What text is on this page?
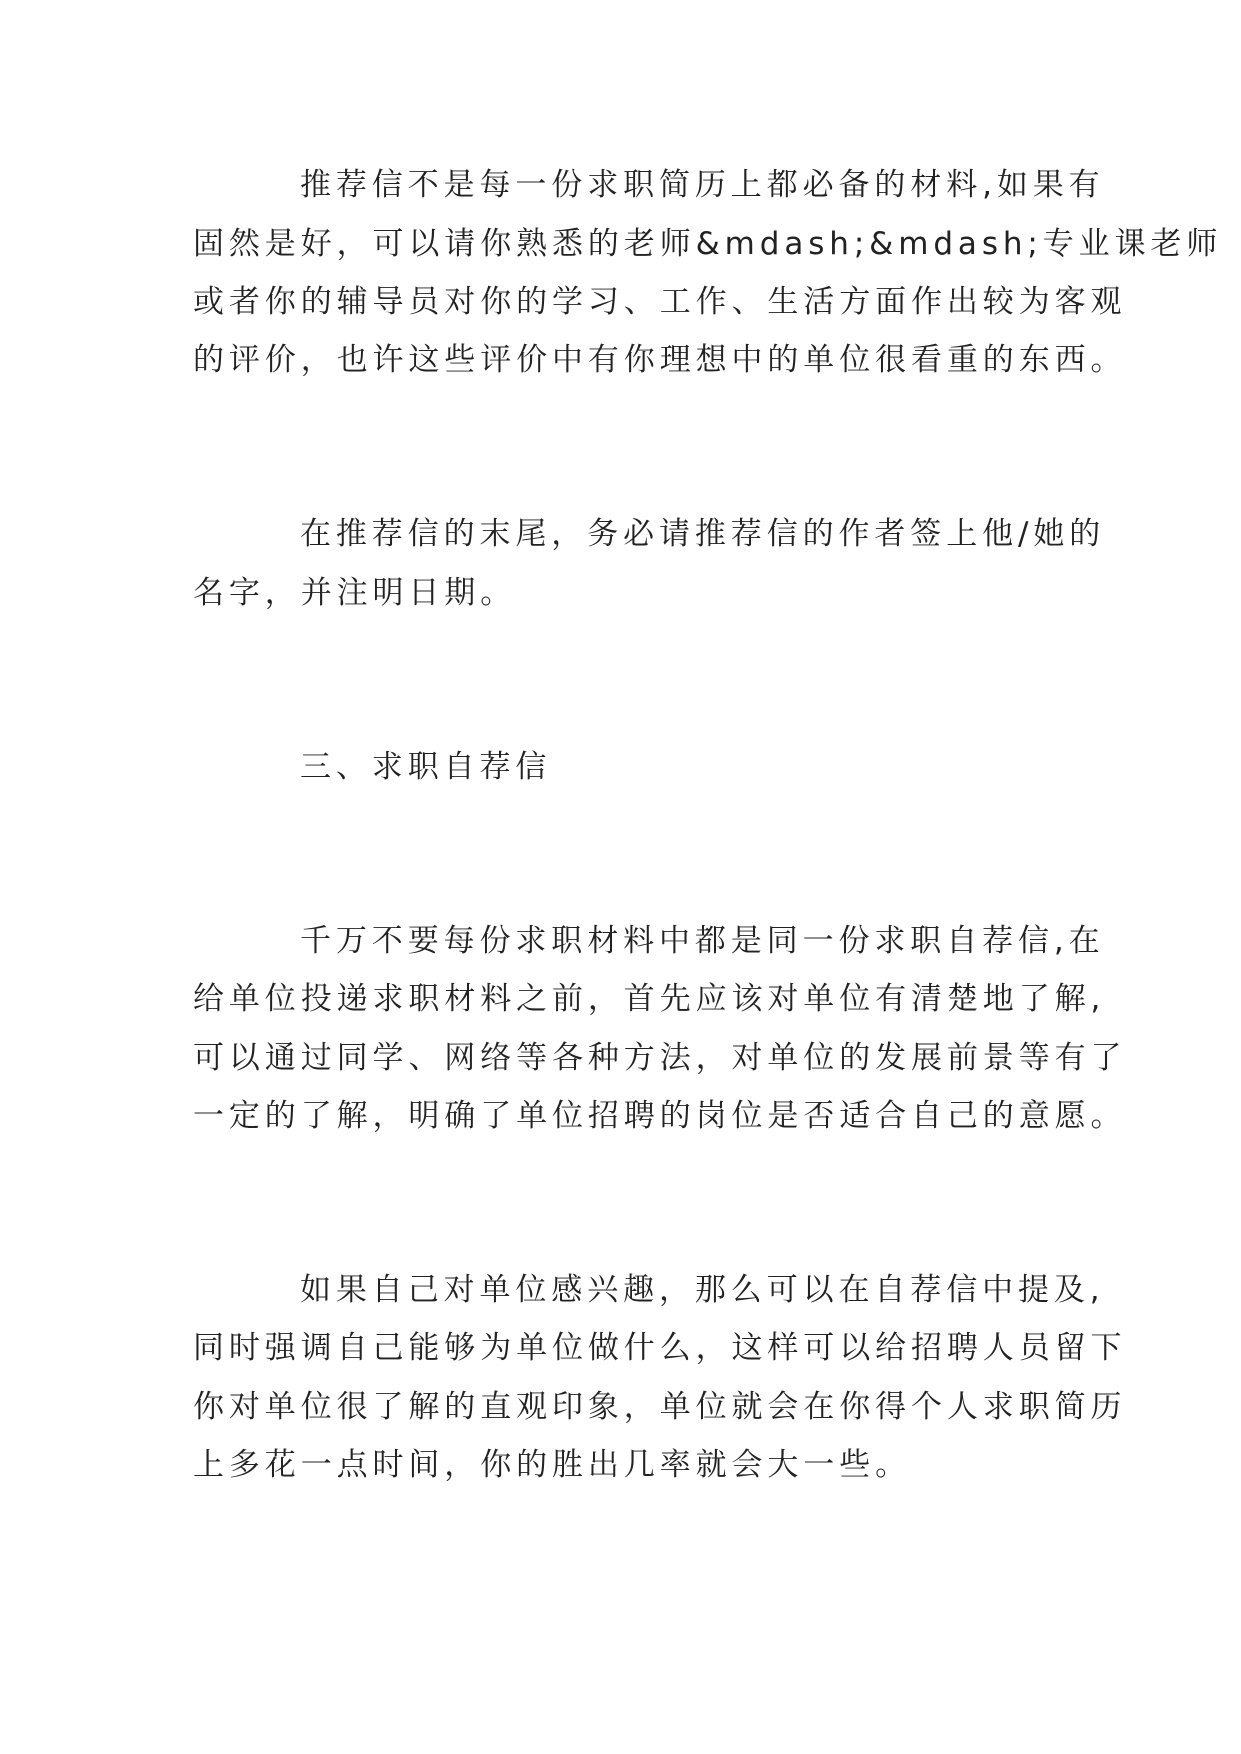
推荐信不是每一份求职简历上都必备的材料,如果有
固然是好，可以请你熟悉的老师&mdash;&mdash;专业课老师
或者你的辅导员对你的学习、工作、生活方面作出较为客观
的评价，也许这些评价中有你理想中的单位很看重的东西。
在推荐信的末尾，务必请推荐信的作者签上他/她的
名字，并注明日期。
三、求职自荐信
千万不要每份求职材料中都是同一份求职自荐信,在
给单位投递求职材料之前，首先应该对单位有清楚地了解,
可以通过同学、网络等各种方法，对单位的发展前景等有了
一定的了解，明确了单位招聘的岗位是否适合自己的意愿。
如果自己对单位感兴趣，那么可以在自荐信中提及,
同时强调自己能够为单位做什么，这样可以给招聘人员留下
你对单位很了解的直观印象，单位就会在你得个人求职简历
上多花一点时间，你的胜出几率就会大一些。
